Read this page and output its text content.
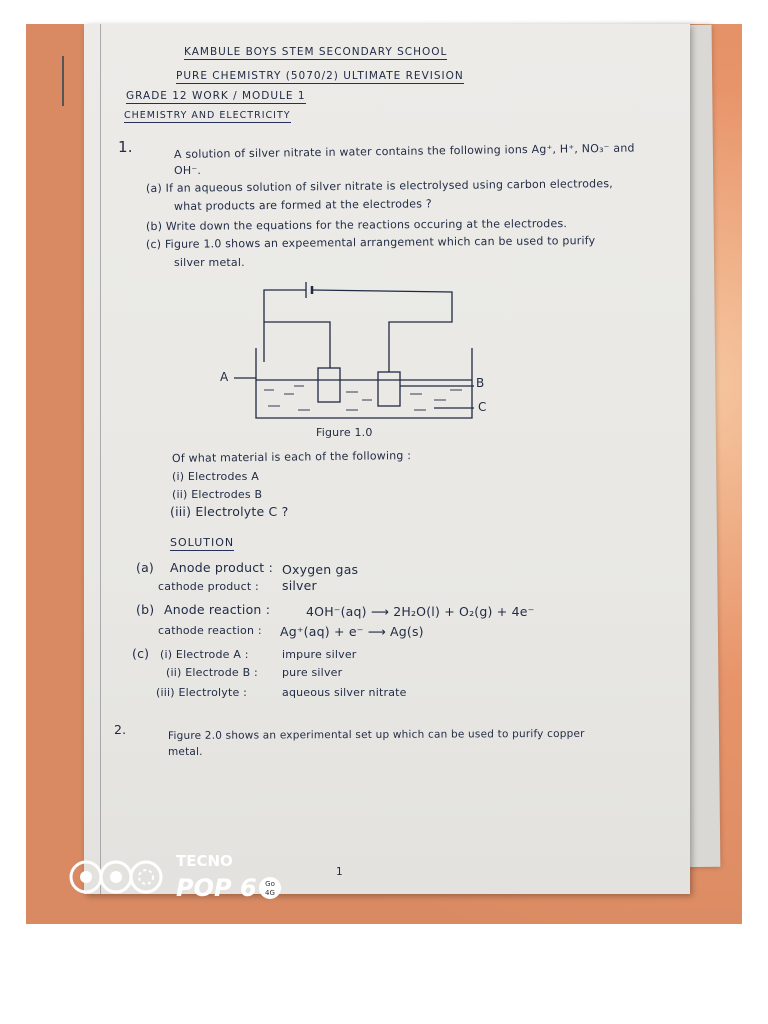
KAMBULE BOYS STEM SECONDARY SCHOOL
PURE CHEMISTRY (5070/2) ULTIMATE REVISION
GRADE 12 WORK / MODULE 1
CHEMISTRY AND ELECTRICITY
1.	A solution of silver nitrate in water contains the following ions Ag⁺, H⁺, NO₃⁻ and
OH⁻.
(a) If an aqueous solution of silver nitrate is electrolysed using carbon electrodes,
what products are formed at the electrodes ?
(b) Write down the equations for the reactions occuring at the electrodes.
(c) Figure 1.0 shows an expeemental arrangement which can be used to purify
silver metal.
A	B
C
Figure 1.0
Of what material is each of the following :
(i) Electrodes A
(ii) Electrodes B
(iii) Electrolyte C ?
SOLUTION
(a) Anode product : Oxygen gas
cathode product : silver
(b) Anode reaction :	4OH⁻(aq) ⟶ 2H₂O(l) + O₂(g) + 4e⁻
cathode reaction : Ag⁺(aq) + e⁻ ⟶ Ag(s)
(c) (i) Electrode A :	impure silver
(ii) Electrode B : pure silver
(iii) Electrolyte :	aqueous silver nitrate
2.	Figure 2.0 shows an experimental set up which can be used to purify copper
metal.
1
TECNO
POP 6 Go
4G
